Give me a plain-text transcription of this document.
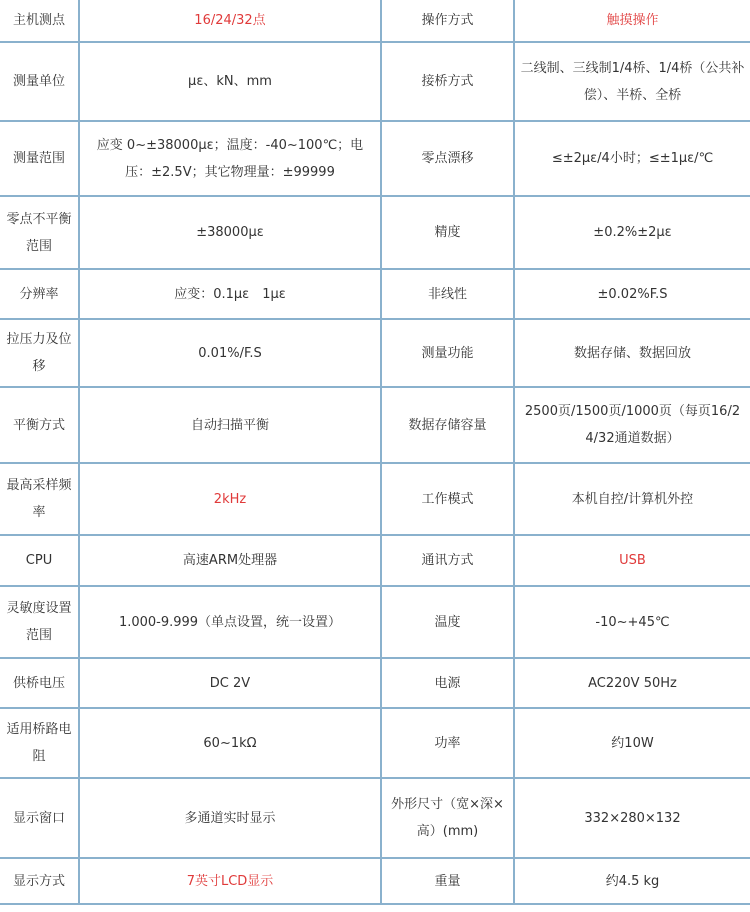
主机测点	16/24/32点	操作方式	触摸操作
测量单位	με、kN、mm	接桥方式	二线制、三线制1/4桥、1/4桥（公共补偿）、半桥、全桥
测量范围	应变 0~±38000με；温度：-40~100℃；电压：±2.5V；其它物理量：±99999	零点漂移	≤±2με/4小时；≤±1με/℃
零点不平衡范围	±38000με	精度	±0.2%±2με
分辨率	应变：0.1με　1με	非线性	±0.02%F.S
拉压力及位移	0.01%/F.S	测量功能	数据存储、数据回放
平衡方式	自动扫描平衡	数据存储容量	2500页/1500页/1000页（每页16/24/32通道数据）
最高采样频率	2kHz	工作模式	本机自控/计算机外控
CPU	高速ARM处理器	通讯方式	USB
灵敏度设置范围	1.000-9.999（单点设置，统一设置）	温度	-10~+45℃
供桥电压	DC 2V	电源	AC220V 50Hz
适用桥路电阻	60~1kΩ	功率	约10W
显示窗口	多通道实时显示	外形尺寸（宽×深×高）(mm)	332×280×132
显示方式	7英寸LCD显示	重量	约4.5 kg
